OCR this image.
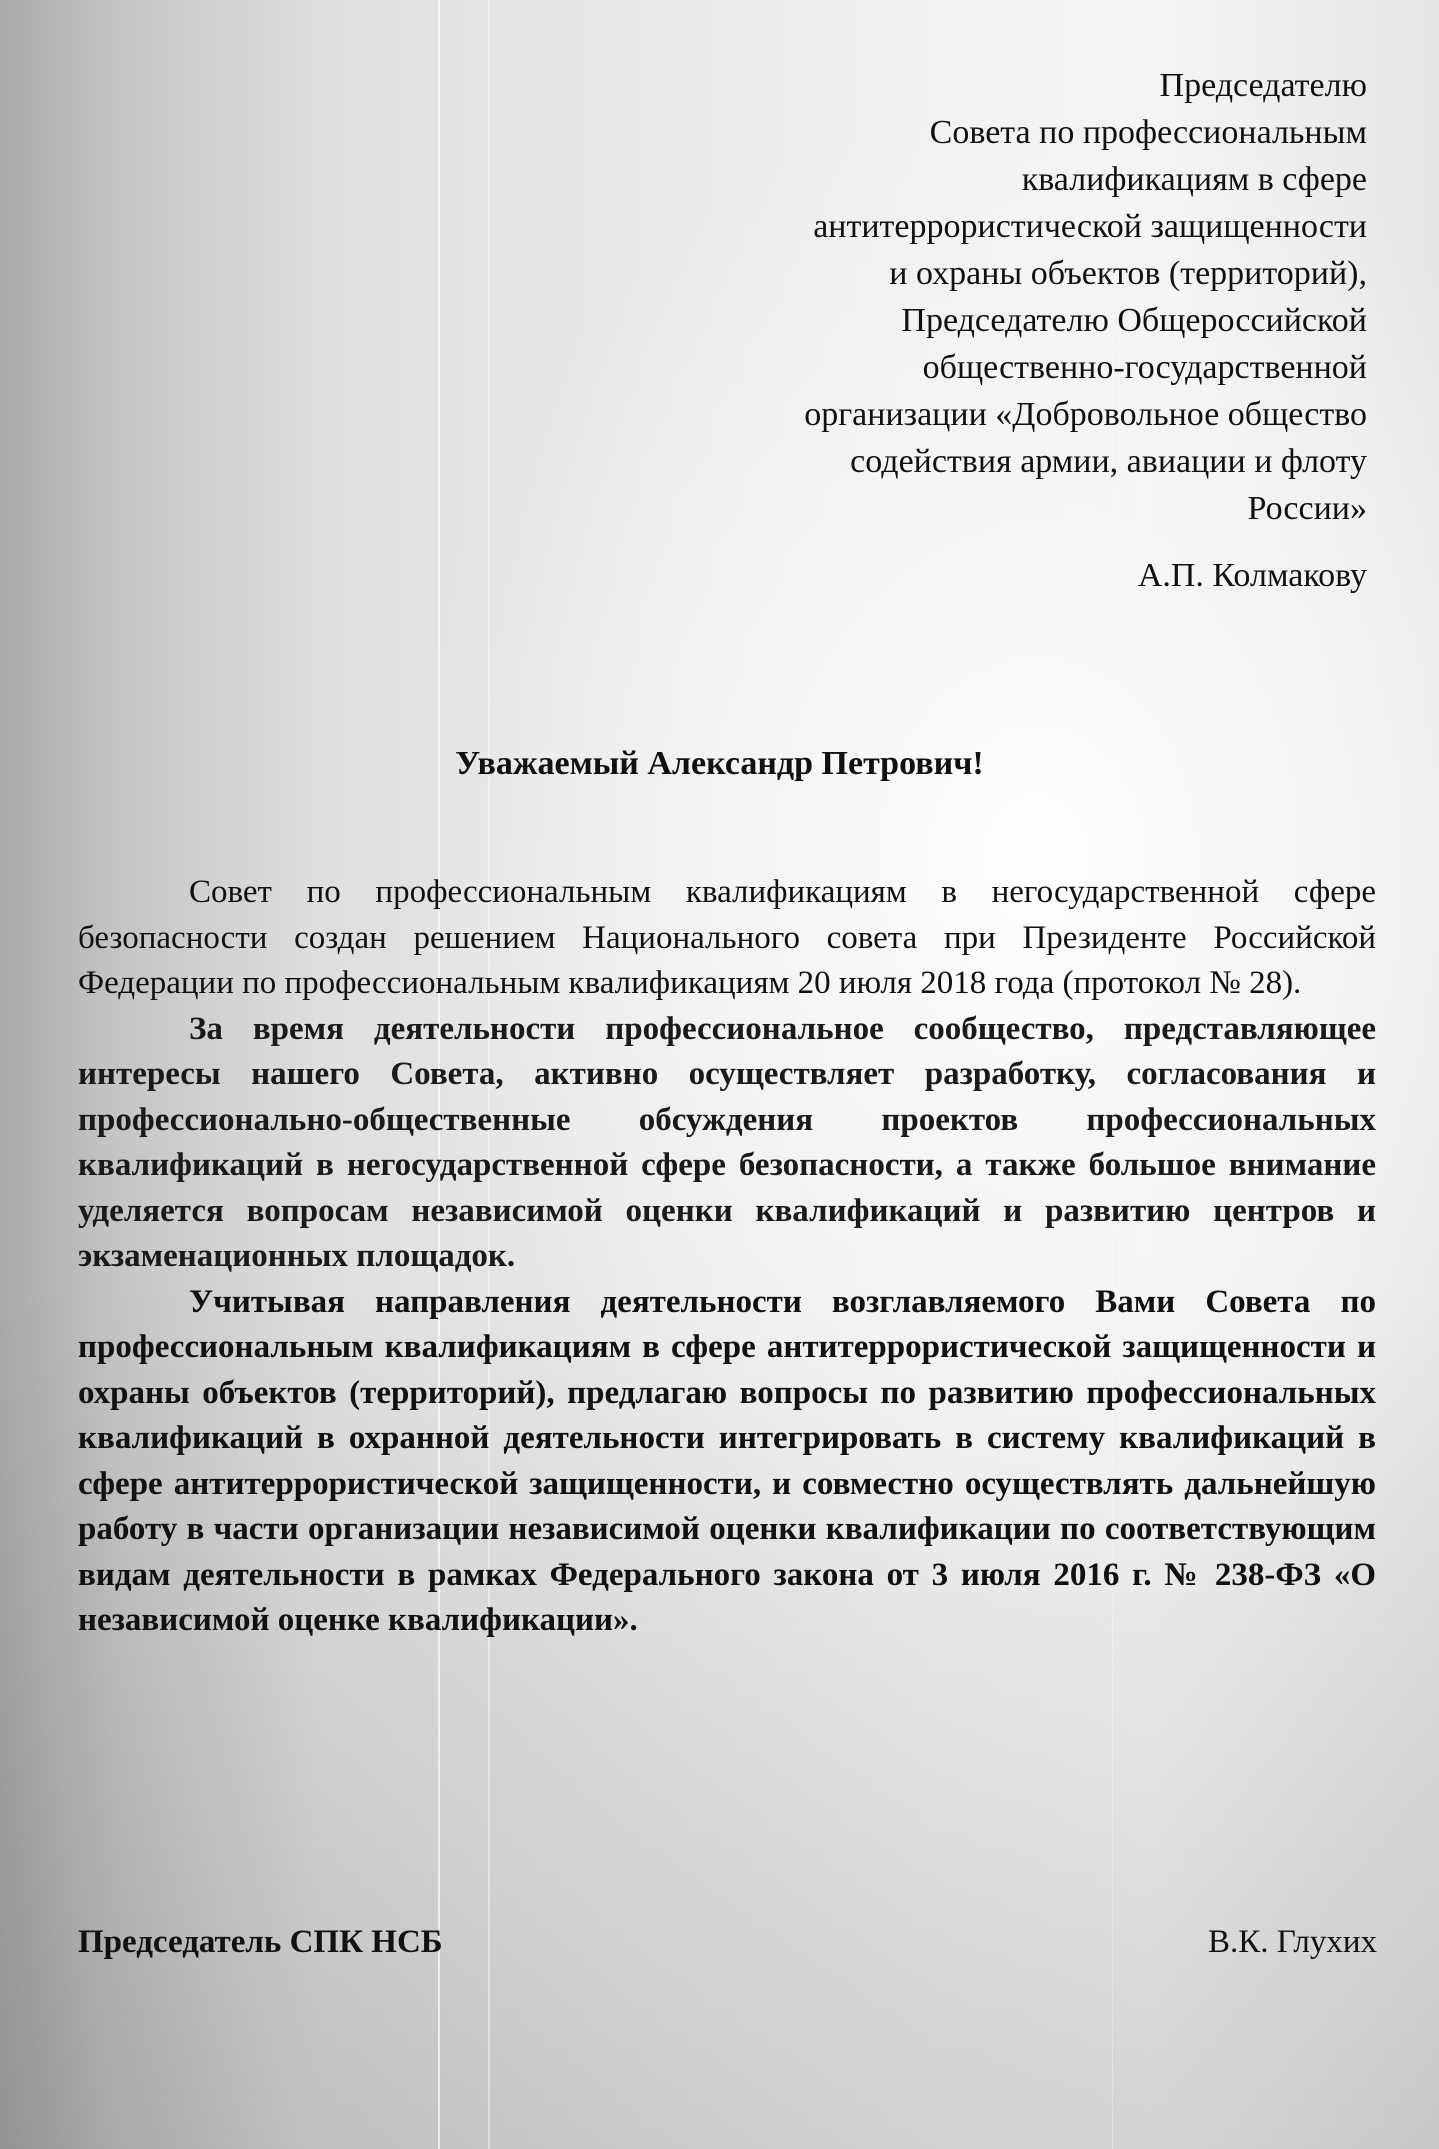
Председателю
Совета по профессиональным
квалификациям в сфере
антитеррористической защищенности
и охраны объектов (территорий),
Председателю Общероссийской
общественно-государственной
организации «Добровольное общество
содействия армии, авиации и флоту
России»
А.П. Колмакову
Уважаемый Александр Петрович!

Совет по профессиональным квалификациям в негосударственной сфере безопасности создан решением Национального совета при Президенте Российской Федерации по профессиональным квалификациям 20 июля 2018 года (протокол № 28).

За время деятельности профессиональное сообщество, представляющее интересы нашего Совета, активно осуществляет разработку, согласования и профессионально-общественные обсуждения проектов профессиональных квалификаций в негосударственной сфере безопасности, а также большое внимание уделяется вопросам независимой оценки квалификаций и развитию центров и экзаменационных площадок.

Учитывая направления деятельности возглавляемого Вами Совета по профессиональным квалификациям в сфере антитеррористической защищенности и охраны объектов (территорий), предлагаю вопросы по развитию профессиональных квалификаций в охранной деятельности интегрировать в систему квалификаций в сфере антитеррористической защищенности, и совместно осуществлять дальнейшую работу в части организации независимой оценки квалификации по соответствующим видам деятельности в рамках Федерального закона от 3 июля 2016 г. № 238-ФЗ «О независимой оценке квалификации».

Председатель СПК НСБ	В.К. Глухих
